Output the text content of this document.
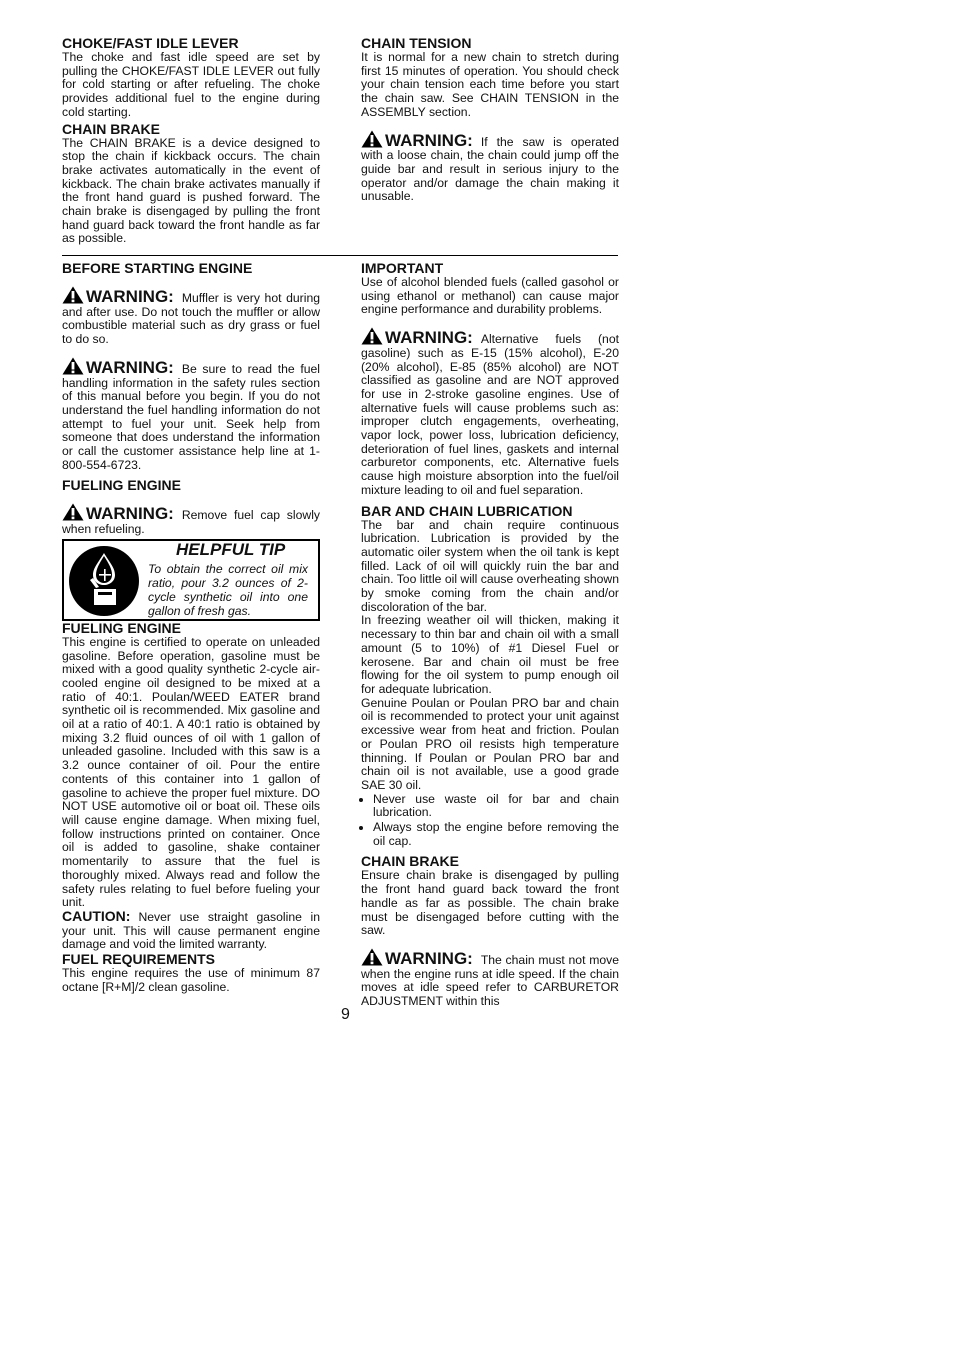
CHOKE/FAST IDLE LEVER

The choke and fast idle speed are set by pulling the CHOKE/FAST IDLE LEVER out fully for cold starting or after refueling. The choke provides additional fuel to the engine during cold starting.

CHAIN BRAKE

The CHAIN BRAKE is a device designed to stop the chain if kickback occurs. The chain brake activates automatically in the event of kickback. The chain brake activates manually if the front hand guard is pushed forward. The chain brake is disengaged by pulling the front hand guard back toward the front handle as far as possible.

CHAIN TENSION

It is normal for a new chain to stretch during first 15 minutes of operation. You should check your chain tension each time before you start the chain saw. See CHAIN TENSION in the ASSEMBLY section.

WARNING: If the saw is operated with a loose chain, the chain could jump off the guide bar and result in serious injury to the operator and/or damage the chain making it unusable.

BEFORE STARTING ENGINE

WARNING: Muffler is very hot during and after use. Do not touch the muffler or allow combustible material such as dry grass or fuel to do so.

WARNING: Be sure to read the fuel handling information in the safety rules section of this manual before you begin. If you do not understand the fuel handling information do not attempt to fuel your unit. Seek help from someone that does understand the information or call the customer assistance help line at 1-800-554-6723.

FUELING ENGINE

WARNING: Remove fuel cap slowly when refueling.

HELPFUL TIP
To obtain the correct oil mix ratio, pour 3.2 ounces of 2-cycle synthetic oil into one gallon of fresh gas.
FUELING ENGINE

This engine is certified to operate on unleaded gasoline. Before operation, gasoline must be mixed with a good quality synthetic 2-cycle air-cooled engine oil designed to be mixed at a ratio of 40:1. Poulan/WEED EATER brand synthetic oil is recommended. Mix gasoline and oil at a ratio of 40:1. A 40:1 ratio is obtained by mixing 3.2 fluid ounces of oil with 1 gallon of unleaded gasoline. Included with this saw is a 3.2 ounce container of oil. Pour the entire contents of this container into 1 gallon of gasoline to achieve the proper fuel mixture. DO NOT USE automotive oil or boat oil. These oils will cause engine damage. When mixing fuel, follow instructions printed on container. Once oil is added to gasoline, shake container momentarily to assure that the fuel is thoroughly mixed. Always read and follow the safety rules relating to fuel before fueling your unit.

CAUTION: Never use straight gasoline in your unit. This will cause permanent engine damage and void the limited warranty.

FUEL REQUIREMENTS

This engine requires the use of minimum 87 octane [R+M]/2 clean gasoline.

IMPORTANT

Use of alcohol blended fuels (called gasohol or using ethanol or methanol) can cause major engine performance and durability problems.

WARNING: Alternative fuels (not gasoline) such as E-15 (15% alcohol), E-20 (20% alcohol), E-85 (85% alcohol) are NOT classified as gasoline and are NOT approved for use in 2-stroke gasoline engines. Use of alternative fuels will cause problems such as: improper clutch engagements, overheating, vapor lock, power loss, lubrication deficiency, deterioration of fuel lines, gaskets and internal carburetor components, etc. Alternative fuels cause high moisture absorption into the fuel/oil mixture leading to oil and fuel separation.

BAR AND CHAIN LUBRICATION

The bar and chain require continuous lubrication. Lubrication is provided by the automatic oiler system when the oil tank is kept filled. Lack of oil will quickly ruin the bar and chain. Too little oil will cause overheating shown by smoke coming from the chain and/or discoloration of the bar.

In freezing weather oil will thicken, making it necessary to thin bar and chain oil with a small amount (5 to 10%) of #1 Diesel Fuel or kerosene. Bar and chain oil must be free flowing for the oil system to pump enough oil for adequate lubrication.

Genuine Poulan or Poulan PRO bar and chain oil is recommended to protect your unit against excessive wear from heat and friction. Poulan or Poulan PRO oil resists high temperature thinning. If Poulan or Poulan PRO bar and chain oil is not available, use a good grade SAE 30 oil.

• Never use waste oil for bar and chain lubrication.
• Always stop the engine before removing the oil cap.
CHAIN BRAKE

Ensure chain brake is disengaged by pulling the front hand guard back toward the front handle as far as possible. The chain brake must be disengaged before cutting with the saw.

WARNING: The chain must not move when the engine runs at idle speed. If the chain moves at idle speed refer to CARBURETOR ADJUSTMENT within this

9
